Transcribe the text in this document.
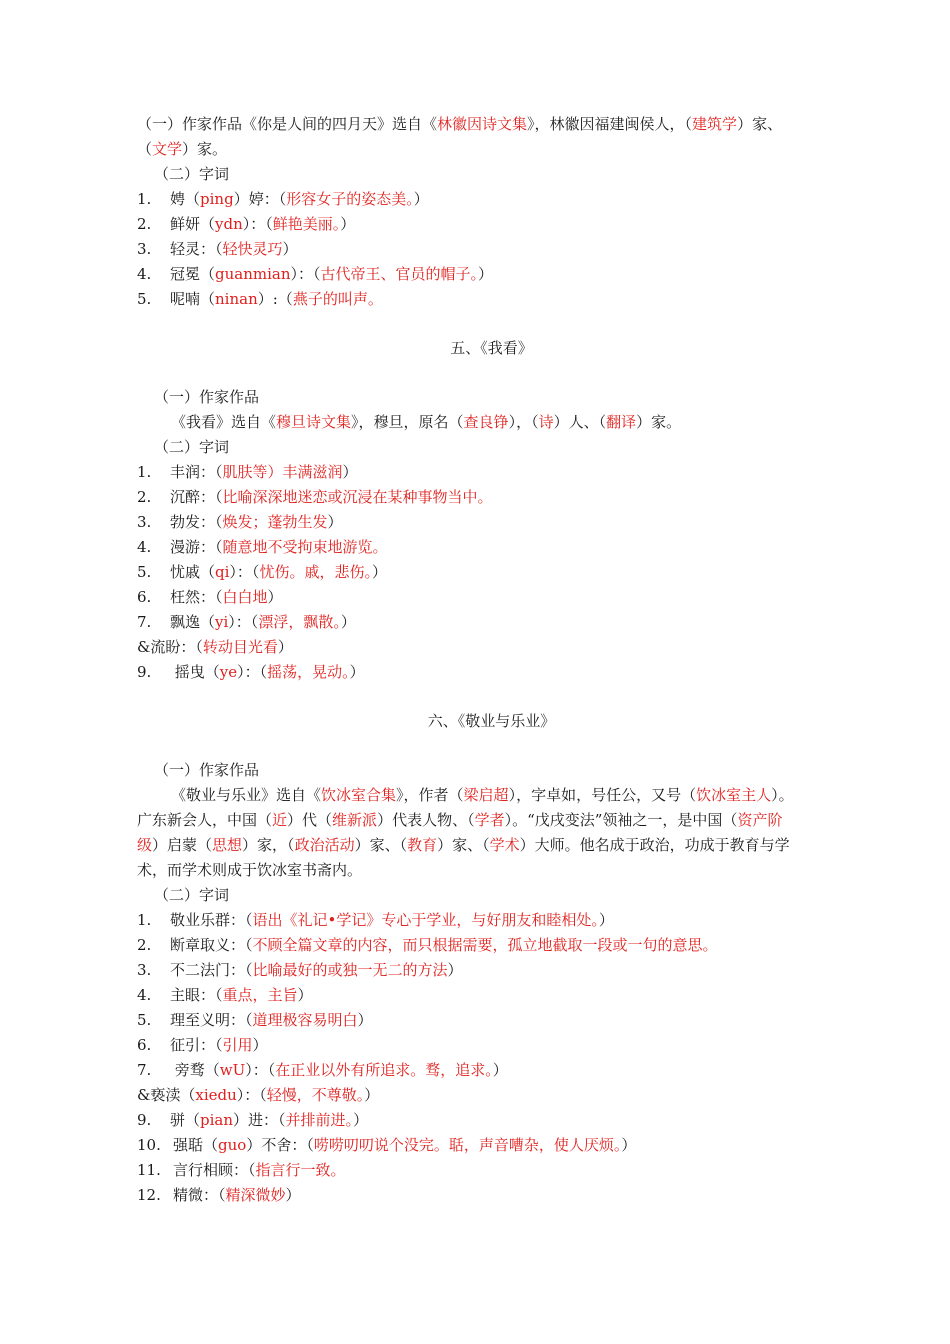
（一）作家作品《你是人间的四月天》选自《林徽因诗文集》，林徽因福建闽侯人，（建筑学）家、（文学）家。

（二）字词

1. 娉（ping）婷：（形容女子的姿态美。）

2. 鲜妍（ydn）：（鲜艳美丽。）

3. 轻灵：（轻快灵巧）

4. 冠冕（guanmian）：（古代帝王、官员的帽子。）

5. 呢喃（ninan）:（燕子的叫声。

五、《我看》

（一）作家作品

《我看》选自《穆旦诗文集》，穆旦，原名（查良铮），（诗）人、（翻译）家。

（二）字词

1. 丰润：（肌肤等）丰满滋润）

2. 沉醉：（比喻深深地迷恋或沉浸在某种事物当中。

3. 勃发：（焕发；蓬勃生发）

4. 漫游：（随意地不受拘束地游览。

5. 忧戚（qi）：（忧伤。戚，悲伤。）

6. 枉然：（白白地）

7. 飘逸（yi）：（漂浮，飘散。）

&流盼：（转动目光看）

9. 摇曳（ye）：（摇荡，晃动。）

六、《敬业与乐业》

（一）作家作品

《敬业与乐业》选自《饮冰室合集》，作者（梁启超），字卓如，号任公，又号（饮冰室主人）。广东新会人，中国（近）代（维新派）代表人物、（学者）。“戊戌变法”领袖之一，是中国（资产阶级）启蒙（思想）家，（政治活动）家、（教育）家、（学术）大师。他名成于政治，功成于教育与学术，而学术则成于饮冰室书斋内。

（二）字词

1. 敬业乐群：（语出《礼记•学记》专心于学业，与好朋友和睦相处。）

2. 断章取义：（不顾全篇文章的内容，而只根据需要，孤立地截取一段或一句的意思。

3. 不二法门：（比喻最好的或独一无二的方法）

4. 主眼：（重点，主旨）

5. 理至义明：（道理极容易明白）

6. 征引：（引用）

7. 旁骛（wU）：（在正业以外有所追求。骛，追求。）

&亵渎（xiedu）：（轻慢，不尊敬。）

9. 骈（pian）进：（并排前进。）

10. 强聒（guo）不舍：（唠唠叨叨说个没完。聒，声音嘈杂，使人厌烦。）

11. 言行相顾：（指言行一致。

12. 精微：（精深微妙）
